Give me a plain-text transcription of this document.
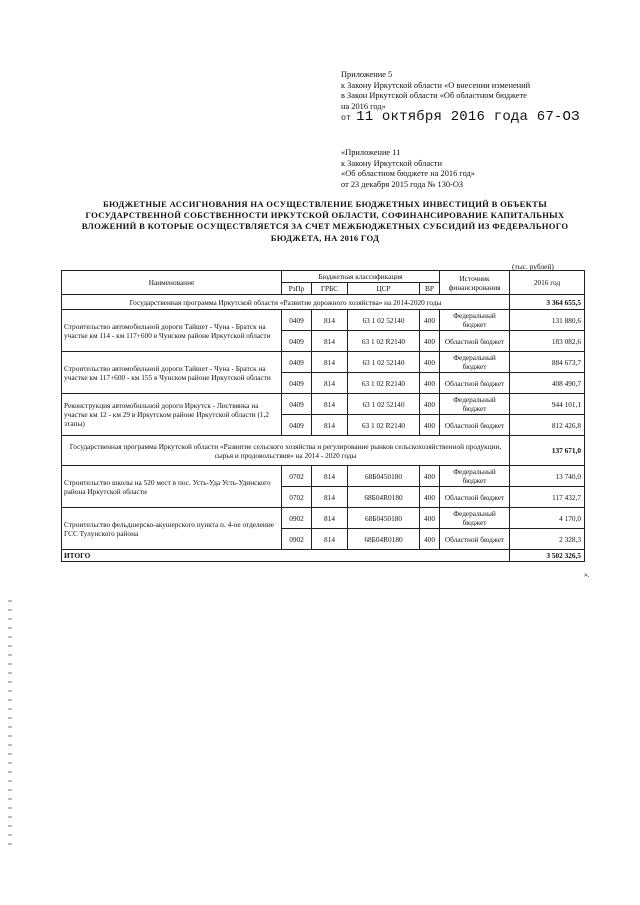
Приложение 5
к Закону Иркутской области «О внесении изменений
в Закон Иркутской области «Об областном бюджете
на 2016 год»
от 11 октября 2016 года 67-ОЗ
«Приложение 11
к Закону Иркутской области
«Об областном бюджете на 2016 год»
от 23 декабря 2015 года № 130-ОЗ
БЮДЖЕТНЫЕ АССИГНОВАНИЯ НА ОСУЩЕСТВЛЕНИЕ БЮДЖЕТНЫХ ИНВЕСТИЦИЙ В ОБЪЕКТЫ
ГОСУДАРСТВЕННОЙ СОБСТВЕННОСТИ ИРКУТСКОЙ ОБЛАСТИ, СОФИНАНСИРОВАНИЕ КАПИТАЛЬНЫХ
ВЛОЖЕНИЙ В КОТОРЫЕ ОСУЩЕСТВЛЯЕТСЯ ЗА СЧЕТ МЕЖБЮДЖЕТНЫХ СУБСИДИЙ ИЗ ФЕДЕРАЛЬНОГО
БЮДЖЕТА, НА 2016 ГОД
(тыс. рублей)
Наименование	Бюджетная классификация				Источник финансирования	2016 год
	РзПр	ГРБС	ЦСР	ВР		
Государственная программа Иркутской области «Развитие дорожного хозяйства» на 2014-2020 годы						3 364 655,5
Строительство автомобильной дороги Тайшет - Чуна - Братск на участке км 114 - км 117+600 в Чунском районе Иркутской области	0409	814	63 1 02 52140	400	Федеральный бюджет	131 880,6
	0409	814	63 1 02 R2140	400	Областной бюджет	183 082,6
Строительство автомобильной дороги Тайшет - Чуна - Братск на участке км 117+600 - км 155 в Чунском районе Иркутской области	0409	814	63 1 02 52140	400	Федеральный бюджет	884 673,7
	0409	814	63 1 02 R2140	400	Областной бюджет	408 490,7
Реконструкция автомобильной дороги Иркутск - Листвянка на участке км 12 - км 29 в Иркутском районе Иркутской области (1,2 этапы)	0409	814	63 1 02 52140	400	Федеральный бюджет	944 101,1
	0409	814	63 1 02 R2140	400	Областной бюджет	812 426,8
Государственная программа Иркутской области «Развитие сельского хозяйства и регулирование рынков сельскохозяйственной продукции, сырья и продовольствия» на 2014 - 2020 годы						137 671,0
Строительство школы на 520 мест в пос. Усть-Уда Усть-Удинского района Иркутской области	0702	814	68Б0450180	400	Федеральный бюджет	13 740,0
	0702	814	68Б04R0180	400	Областной бюджет	117 432,7
Строительство фельдшерско-акушерского пункта п. 4-ое отделение ГСС Тулунского района	0902	814	68Б0450180	400	Федеральный бюджет	4 170,0
	0902	814	68Б04R0180	400	Областной бюджет	2 328,3
ИТОГО						3 502 326,5
».
